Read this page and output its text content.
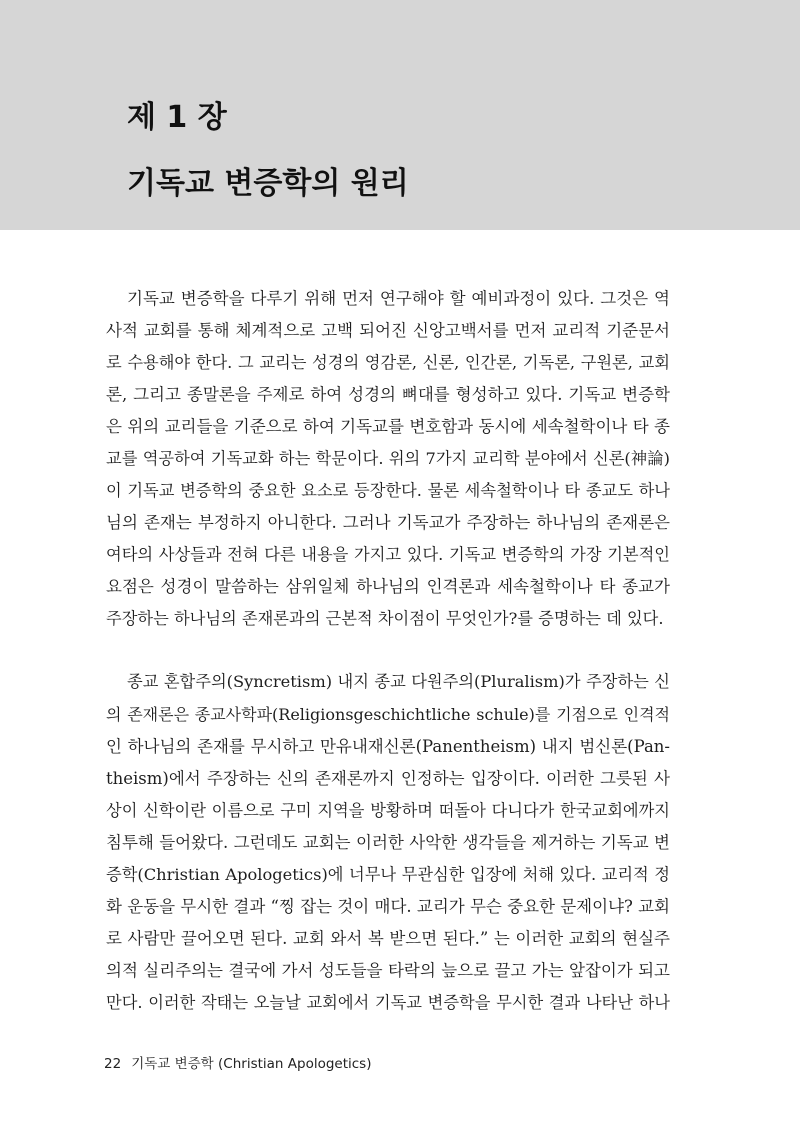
제 1 장
기독교 변증학의 원리
기독교 변증학을 다루기 위해 먼저 연구해야 할 예비과정이 있다. 그것은 역
사적 교회를 통해 체계적으로 고백 되어진 신앙고백서를 먼저 교리적 기준문서
로 수용해야 한다. 그 교리는 성경의 영감론, 신론, 인간론, 기독론, 구원론, 교회
론, 그리고 종말론을 주제로 하여 성경의 뼈대를 형성하고 있다. 기독교 변증학
은 위의 교리들을 기준으로 하여 기독교를 변호함과 동시에 세속철학이나 타 종
교를 역공하여 기독교화 하는 학문이다. 위의 7가지 교리학 분야에서 신론(神論)
이 기독교 변증학의 중요한 요소로 등장한다. 물론 세속철학이나 타 종교도 하나
님의 존재는 부정하지 아니한다. 그러나 기독교가 주장하는 하나님의 존재론은
여타의 사상들과 전혀 다른 내용을 가지고 있다. 기독교 변증학의 가장 기본적인
요점은 성경이 말씀하는 삼위일체 하나님의 인격론과 세속철학이나 타 종교가
주장하는 하나님의 존재론과의 근본적 차이점이 무엇인가?를 증명하는 데 있다.
종교 혼합주의(Syncretism) 내지 종교 다원주의(Pluralism)가 주장하는 신
의 존재론은 종교사학파(Religionsgeschichtliche schule)를 기점으로 인격적
인 하나님의 존재를 무시하고 만유내재신론(Panentheism) 내지 범신론(Pan-
theism)에서 주장하는 신의 존재론까지 인정하는 입장이다. 이러한 그릇된 사
상이 신학이란 이름으로 구미 지역을 방황하며 떠돌아 다니다가 한국교회에까지
침투해 들어왔다. 그런데도 교회는 이러한 사악한 생각들을 제거하는 기독교 변
증학(Christian Apologetics)에 너무나 무관심한 입장에 처해 있다. 교리적 정
화 운동을 무시한 결과 “찡 잡는 것이 매다. 교리가 무슨 중요한 문제이냐? 교회
로 사람만 끌어오면 된다. 교회 와서 복 받으면 된다.” 는 이러한 교회의 현실주
의적 실리주의는 결국에 가서 성도들을 타락의 늪으로 끌고 가는 앞잡이가 되고
만다. 이러한 작태는 오늘날 교회에서 기독교 변증학을 무시한 결과 나타난 하나
22 기독교 변증학 (Christian Apologetics)
